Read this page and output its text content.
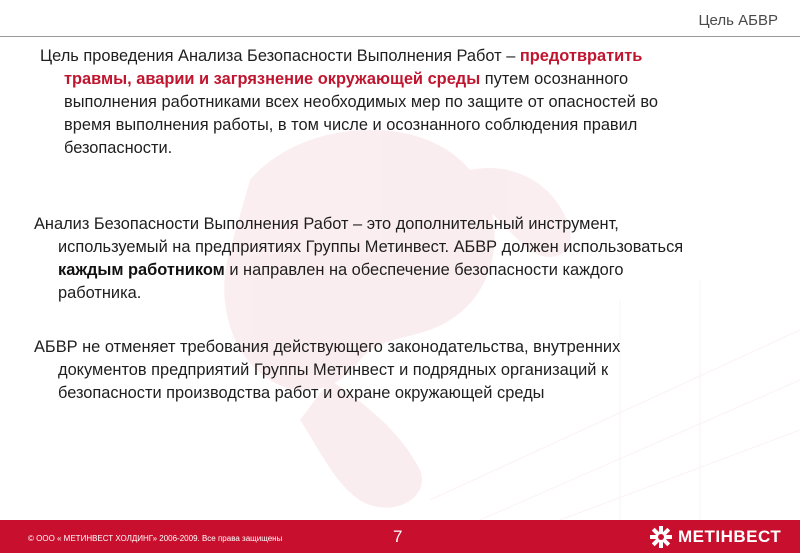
Цель АБВР
Цель проведения Анализа Безопасности Выполнения Работ – предотвратить
травмы, аварии и загрязнение окружающей среды путем осознанного
выполнения работниками всех необходимых мер по защите от опасностей во
время выполнения работы, в том числе и осознанного соблюдения правил
безопасности.
Анализ Безопасности Выполнения Работ – это дополнительный инструмент,
используемый на предприятиях Группы Метинвест. АБВР должен использоваться
каждым работником и направлен на обеспечение безопасности каждого
работника.
АБВР не отменяет требования действующего законодательства, внутренних
документов предприятий Группы Метинвест и подрядных организаций к
безопасности производства работ и охране окружающей среды
© ООО « МЕТИНВЕСТ ХОЛДИНГ» 2006-2009. Все права защищены	7	МЕТІНВЕСТ
